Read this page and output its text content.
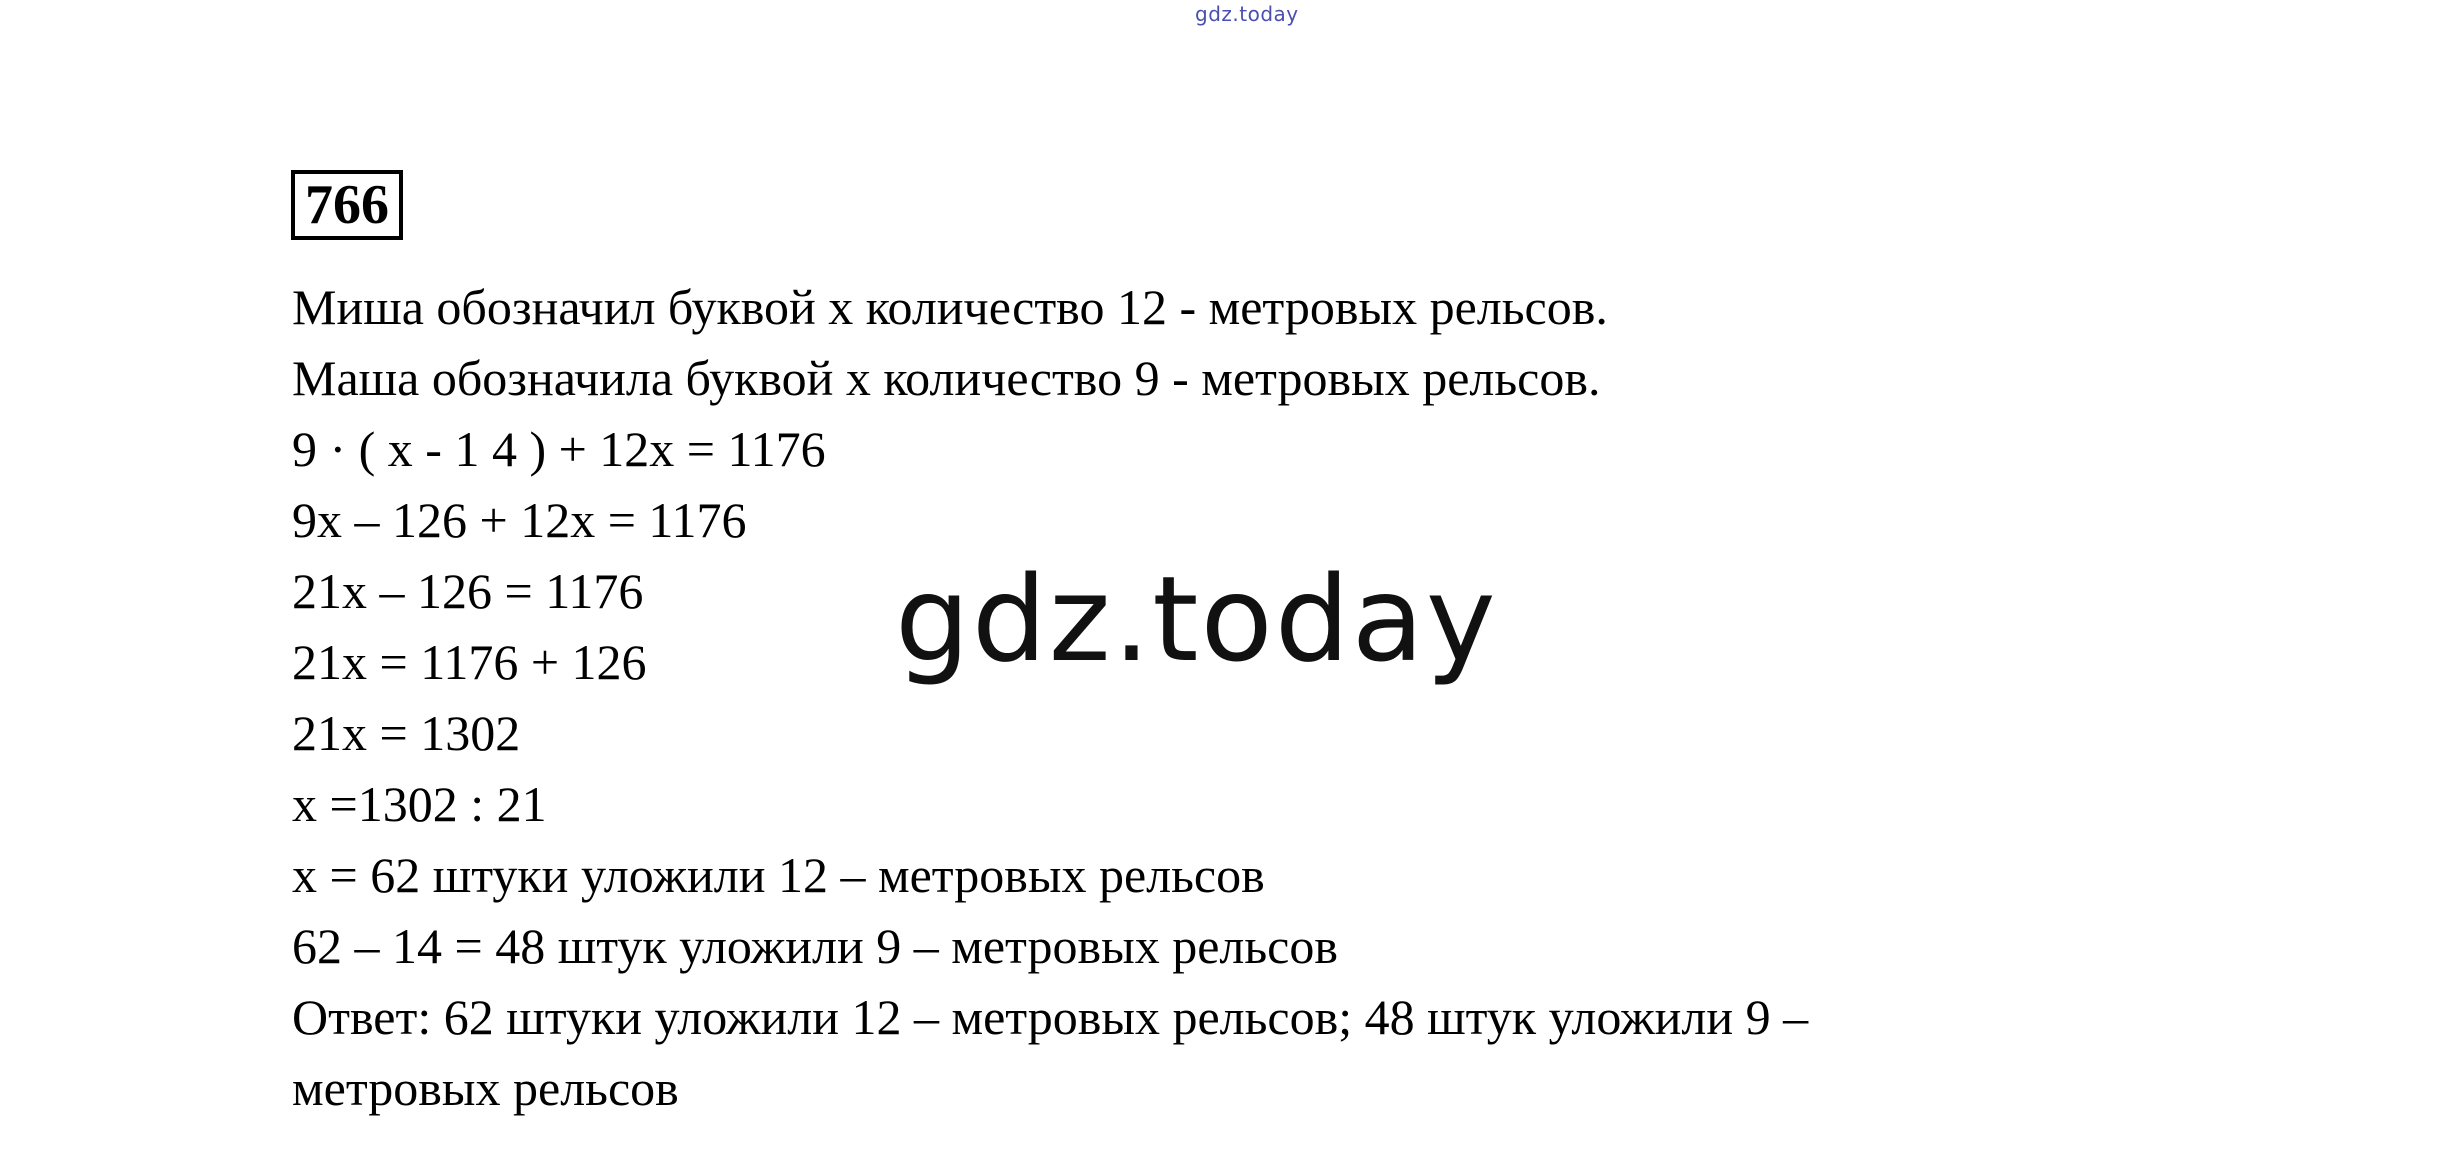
gdz.today
766
Миша обозначил буквой x количество 12 - метровых рельсов.
Маша обозначила буквой x количество 9 - метровых рельсов.
9 · ( x - 1 4 ) + 12x = 1176
9x – 126 + 12x = 1176
21x – 126 = 1176
21x = 1176 + 126
21x = 1302
x =1302 : 21
x = 62 штуки уложили 12 – метровых рельсов
62 – 14 = 48 штук уложили 9 – метровых рельсов
Ответ: 62 штуки уложили 12 – метровых рельсов; 48 штук уложили 9 –
метровых рельсов
gdz.today
